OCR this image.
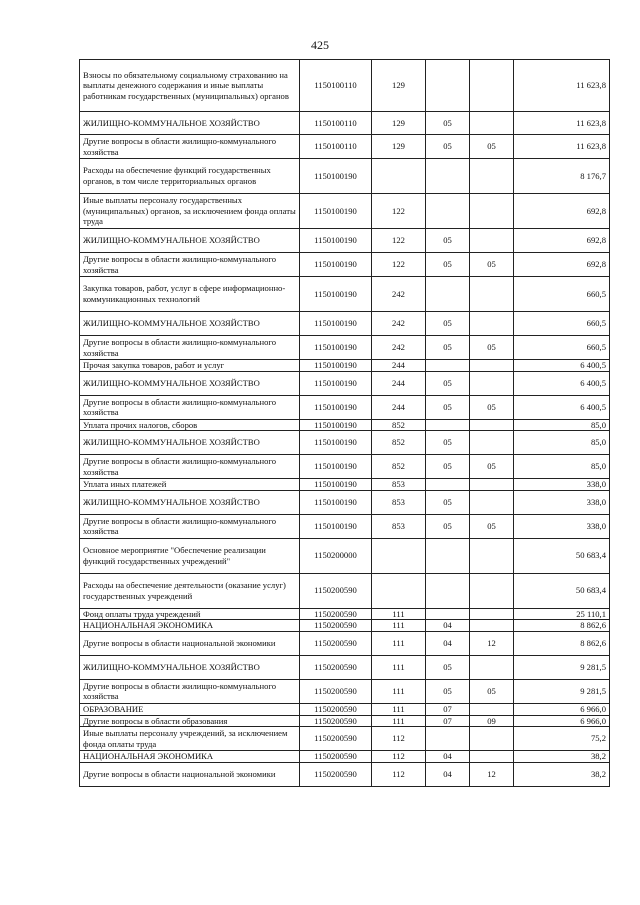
425
Взносы по обязательному социальному страхованию на выплаты денежного содержания и иные выплаты работникам государственных (муниципальных) органов	1150100110	129			11 623,8
ЖИЛИЩНО-КОММУНАЛЬНОЕ ХОЗЯЙСТВО	1150100110	129	05		11 623,8
Другие вопросы в области жилищно-коммунального хозяйства	1150100110	129	05	05	11 623,8
Расходы на обеспечение функций государственных органов, в том числе территориальных органов	1150100190				8 176,7
Иные выплаты персоналу государственных (муниципальных) органов, за исключением фонда оплаты труда	1150100190	122			692,8
ЖИЛИЩНО-КОММУНАЛЬНОЕ ХОЗЯЙСТВО	1150100190	122	05		692,8
Другие вопросы в области жилищно-коммунального хозяйства	1150100190	122	05	05	692,8
Закупка товаров, работ, услуг в сфере информационно-коммуникационных технологий	1150100190	242			660,5
ЖИЛИЩНО-КОММУНАЛЬНОЕ ХОЗЯЙСТВО	1150100190	242	05		660,5
Другие вопросы в области жилищно-коммунального хозяйства	1150100190	242	05	05	660,5
Прочая закупка товаров, работ и услуг	1150100190	244			6 400,5
ЖИЛИЩНО-КОММУНАЛЬНОЕ ХОЗЯЙСТВО	1150100190	244	05		6 400,5
Другие вопросы в области жилищно-коммунального хозяйства	1150100190	244	05	05	6 400,5
Уплата прочих налогов, сборов	1150100190	852			85,0
ЖИЛИЩНО-КОММУНАЛЬНОЕ ХОЗЯЙСТВО	1150100190	852	05		85,0
Другие вопросы в области жилищно-коммунального хозяйства	1150100190	852	05	05	85,0
Уплата иных платежей	1150100190	853			338,0
ЖИЛИЩНО-КОММУНАЛЬНОЕ ХОЗЯЙСТВО	1150100190	853	05		338,0
Другие вопросы в области жилищно-коммунального хозяйства	1150100190	853	05	05	338,0
Основное мероприятие "Обеспечение реализации функций государственных учреждений"	1150200000				50 683,4
Расходы на обеспечение деятельности (оказание услуг) государственных учреждений	1150200590				50 683,4
Фонд оплаты труда учреждений	1150200590	111			25 110,1
НАЦИОНАЛЬНАЯ ЭКОНОМИКА	1150200590	111	04		8 862,6
Другие вопросы в области национальной экономики	1150200590	111	04	12	8 862,6
ЖИЛИЩНО-КОММУНАЛЬНОЕ ХОЗЯЙСТВО	1150200590	111	05		9 281,5
Другие вопросы в области жилищно-коммунального хозяйства	1150200590	111	05	05	9 281,5
ОБРАЗОВАНИЕ	1150200590	111	07		6 966,0
Другие вопросы в области образования	1150200590	111	07	09	6 966,0
Иные выплаты персоналу учреждений, за исключением фонда оплаты труда	1150200590	112			75,2
НАЦИОНАЛЬНАЯ ЭКОНОМИКА	1150200590	112	04		38,2
Другие вопросы в области национальной экономики	1150200590	112	04	12	38,2
